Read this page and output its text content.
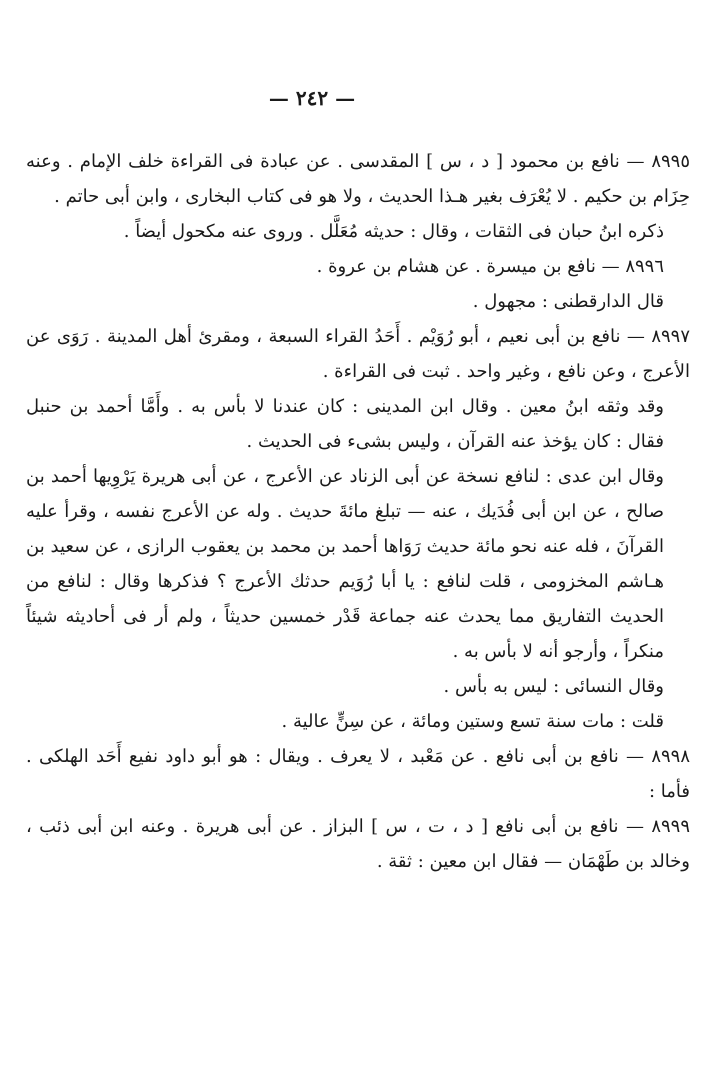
— ٢٤٢ —

٨٩٩٥ — نافع بن محمود [ د ، س ] المقدسى . عن عبادة فى القراءة خلف الإمام . وعنه حِزَام بن حكيم . لا يُعْرَف بغير هـذا الحديث ، ولا هو فى كتاب البخارى ، وابن أبى حاتم .

ذكره ابنُ حبان فى الثقات ، وقال : حديثه مُعَلَّل . وروى عنه مكحول أيضاً .

٨٩٩٦ — نافع بن ميسرة . عن هشام بن عروة .

قال الدارقطنى : مجهول .

٨٩٩٧ — نافع بن أبى نعيم ، أبو رُوَيْم . أَحَدُ القراء السبعة ، ومقرئ أهل المدينة . رَوَى عن الأعرج ، وعن نافع ، وغير واحد . ثبت فى القراءة .

وقد وثقه ابنُ معين . وقال ابن المدينى : كان عندنا لا بأس به . وأَمَّا أحمد بن حنبل فقال : كان يؤخذ عنه القرآن ، وليس بشىء فى الحديث .

وقال ابن عدى : لنافع نسخة عن أبى الزناد عن الأعرج ، عن أبى هريرة يَرْوِيها أحمد بن صالح ، عن ابن أبى فُدَيك ، عنه — تبلغ مائةَ حديث . وله عن الأعرج نفسه ، وقرأ عليه القرآنَ ، فله عنه نحو مائة حديث رَوَاها أحمد بن محمد بن يعقوب الرازى ، عن سعيد بن هـاشم المخزومى ، قلت لنافع : يا أبا رُوَيم حدثك الأعرج ؟ فذكرها وقال : لنافع من الحديث التفاريق مما يحدث عنه جماعة قَدْر خمسين حديثاً ، ولم أر فى أحاديثه شيئاً منكراً ، وأرجو أنه لا بأس به .

وقال النسائى : ليس به بأس .

قلت : مات سنة تسع وستين ومائة ، عن سِنٍّ عالية .

٨٩٩٨ — نافع بن أبى نافع . عن مَعْبد ، لا يعرف . ويقال : هو أبو داود نفيع أَحَد الهلكى . فأما :

٨٩٩٩ — نافع بن أبى نافع [ د ، ت ، س ] البزاز . عن أبى هريرة . وعنه ابن أبى ذئب ، وخالد بن طَهْمَان — فقال ابن معين : ثقة .
